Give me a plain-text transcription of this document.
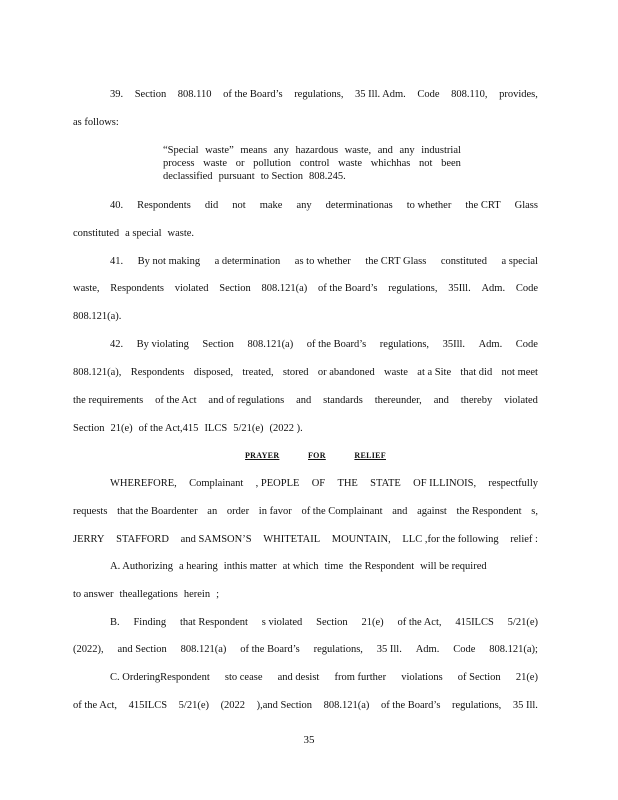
39. Section 808.110 of the Board’s regulations, 35 Ill. Adm. Code 808.110, provides,
as follows:
“Special waste” means any hazardous waste, and any industrial
process waste or pollution control waste whichhas not been
declassified pursuant to Section 808.245.
40. Respondents did not make any determinationas to whether the CRT Glass
constituted a special waste.
41. By not making a determination as to whether the CRT Glass constituted a special
waste, Respondents violated Section 808.121(a) of the Board’s regulations, 35Ill. Adm. Code
808.121(a).
42. By violating Section 808.121(a) of the Board’s regulations, 35Ill. Adm. Code
808.121(a), Respondents disposed, treated, stored or abandoned waste at a Site that did not meet
the requirements of the Act and of regulations and standards thereunder, and thereby violated
Section 21(e) of the Act,415 ILCS 5/21(e) (2022 ).
PRAYER	FOR	RELIEF
WHEREFORE, Complainant , PEOPLE OF THE STATE OF ILLINOIS, respectfully
requests that the Boardenter an order in favor of the Complainant and against the Respondent s,
JERRY STAFFORD and SAMSON’S WHITETAIL MOUNTAIN, LLC ,for the following relief :
A. Authorizing a hearing inthis matter at which time the Respondent will be required
to answer theallegations herein ;
B. Finding that Respondent s violated Section 21(e) of the Act, 415ILCS 5/21(e)
(2022), and Section 808.121(a) of the Board’s regulations, 35 Ill. Adm. Code 808.121(a);
C. OrderingRespondent sto cease and desist from further violations of Section 21(e)
of the Act, 415ILCS 5/21(e) (2022 ),and Section 808.121(a) of the Board’s regulations, 35 Ill.
35
